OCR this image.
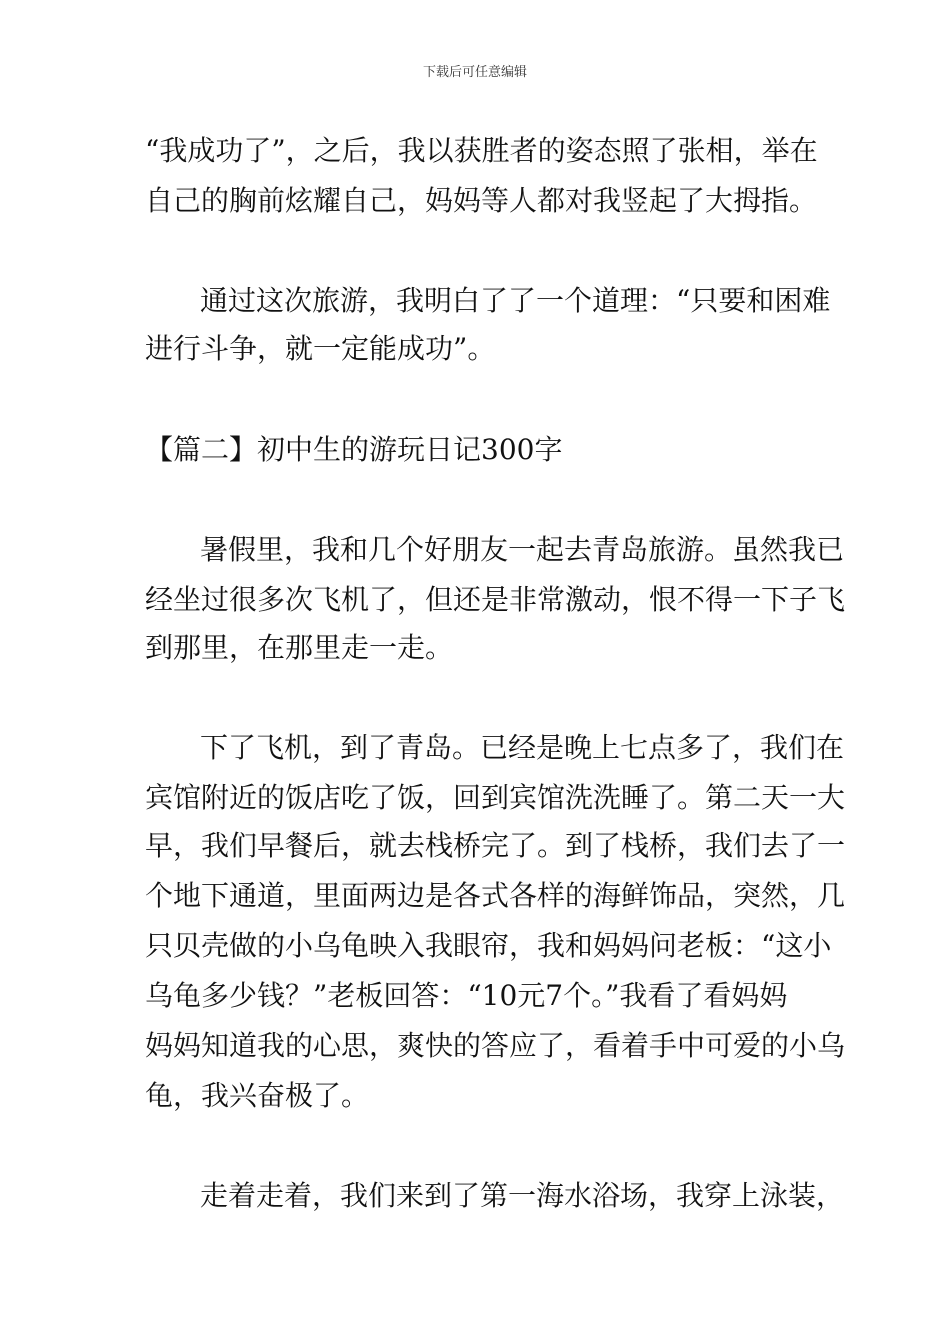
下载后可任意编辑
“我成功了”，之后，我以获胜者的姿态照了张相，举在
自己的胸前炫耀自己，妈妈等人都对我竖起了大拇指。
通过这次旅游，我明白了了一个道理：“只要和困难
进行斗争，就一定能成功”。
【篇二】初中生的游玩日记300字
暑假里，我和几个好朋友一起去青岛旅游。虽然我已
经坐过很多次飞机了，但还是非常激动，恨不得一下子飞
到那里，在那里走一走。
下了飞机，到了青岛。已经是晚上七点多了，我们在
宾馆附近的饭店吃了饭，回到宾馆洗洗睡了。第二天一大
早，我们早餐后，就去栈桥完了。到了栈桥，我们去了一
个地下通道，里面两边是各式各样的海鲜饰品，突然，几
只贝壳做的小乌龟映入我眼帘，我和妈妈问老板：“这小
乌龟多少钱？”老板回答：“10元7个。”我看了看妈妈
妈妈知道我的心思，爽快的答应了，看着手中可爱的小乌
龟，我兴奋极了。
走着走着，我们来到了第一海水浴场，我穿上泳装，
